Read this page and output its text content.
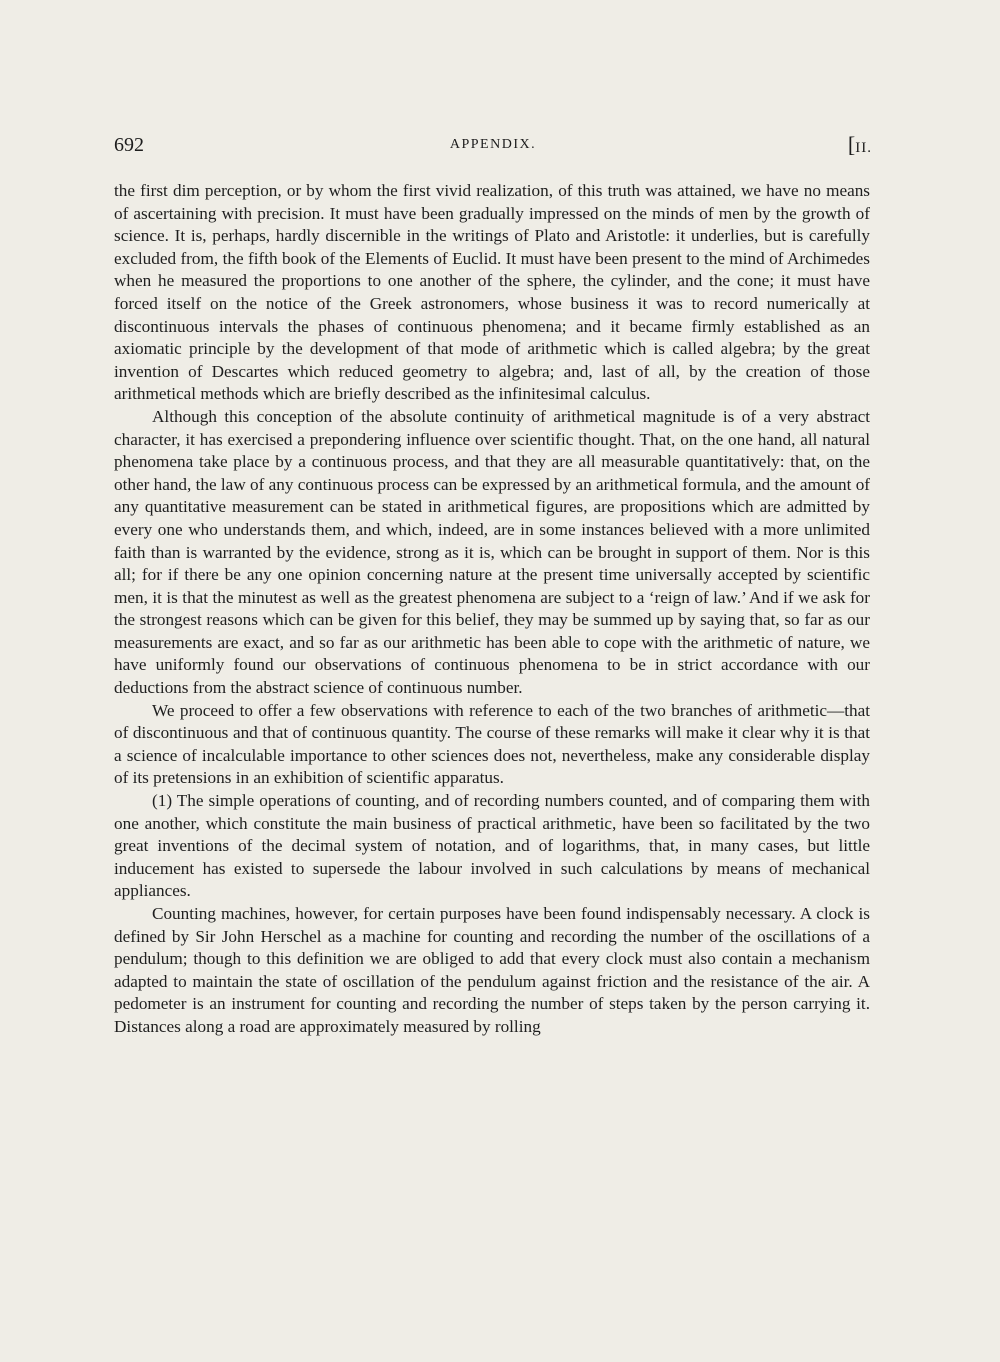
692	APPENDIX.	[II.

the first dim perception, or by whom the first vivid realization, of this truth was attained, we have no means of ascertaining with precision. It must have been gradually impressed on the minds of men by the growth of science. It is, perhaps, hardly discernible in the writings of Plato and Aristotle: it underlies, but is carefully excluded from, the fifth book of the Elements of Euclid. It must have been present to the mind of Archimedes when he measured the proportions to one another of the sphere, the cylinder, and the cone; it must have forced itself on the notice of the Greek astronomers, whose business it was to record numerically at discontinuous intervals the phases of continuous phenomena; and it became firmly established as an axiomatic principle by the development of that mode of arithmetic which is called algebra; by the great invention of Descartes which reduced geometry to algebra; and, last of all, by the creation of those arithmetical methods which are briefly described as the infinitesimal calculus.

Although this conception of the absolute continuity of arithmetical magnitude is of a very abstract character, it has exercised a prepondering influence over scientific thought. That, on the one hand, all natural phenomena take place by a continuous process, and that they are all measurable quantitatively: that, on the other hand, the law of any continuous process can be expressed by an arithmetical formula, and the amount of any quantitative measurement can be stated in arithmetical figures, are propositions which are admitted by every one who understands them, and which, indeed, are in some instances believed with a more unlimited faith than is warranted by the evidence, strong as it is, which can be brought in support of them. Nor is this all; for if there be any one opinion concerning nature at the present time universally accepted by scientific men, it is that the minutest as well as the greatest phenomena are subject to a ‘reign of law.’ And if we ask for the strongest reasons which can be given for this belief, they may be summed up by saying that, so far as our measurements are exact, and so far as our arithmetic has been able to cope with the arithmetic of nature, we have uniformly found our observations of continuous phenomena to be in strict accordance with our deductions from the abstract science of continuous number.

We proceed to offer a few observations with reference to each of the two branches of arithmetic—that of discontinuous and that of continuous quantity. The course of these remarks will make it clear why it is that a science of incalculable importance to other sciences does not, nevertheless, make any considerable display of its pretensions in an exhibition of scientific apparatus.

(1) The simple operations of counting, and of recording numbers counted, and of comparing them with one another, which constitute the main business of practical arithmetic, have been so facilitated by the two great inventions of the decimal system of notation, and of logarithms, that, in many cases, but little inducement has existed to supersede the labour involved in such calculations by means of mechanical appliances.

Counting machines, however, for certain purposes have been found indispensably necessary. A clock is defined by Sir John Herschel as a machine for counting and recording the number of the oscillations of a pendulum; though to this definition we are obliged to add that every clock must also contain a mechanism adapted to maintain the state of oscillation of the pendulum against friction and the resistance of the air. A pedometer is an instrument for counting and recording the number of steps taken by the person carrying it. Distances along a road are approximately measured by rolling
